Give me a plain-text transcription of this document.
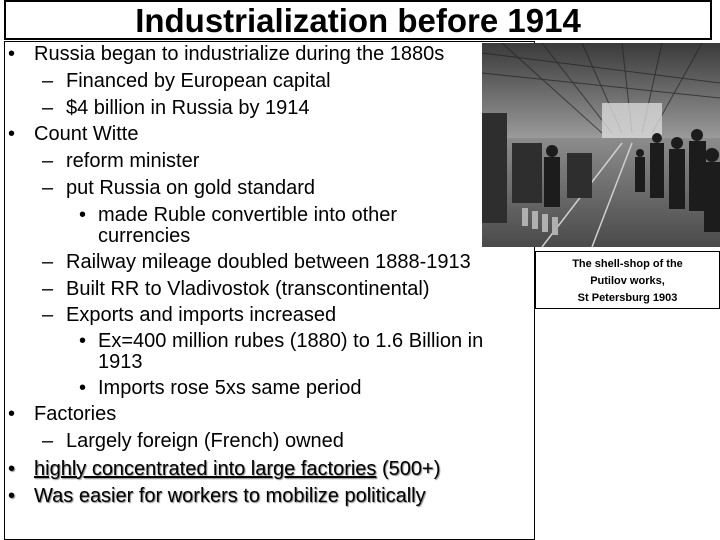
Industrialization before 1914
• Russia began to industrialize during the 1880s
– Financed by European capital
– $4 billion in Russia by 1914
• Count Witte
– reform minister
– put Russia on gold standard
• made Ruble convertible into other
currencies
– Railway mileage doubled between 1888-1913
– Built RR to Vladivostok (transcontinental)
– Exports and imports increased
• Ex=400 million rubes (1880) to 1.6 Billion in
1913
• Imports rose 5xs same period
• Factories
– Largely foreign (French) owned
• highly concentrated into large factories (500+)
• Was easier for workers to mobilize politically
The shell-shop of the
Putilov works,
St Petersburg 1903
